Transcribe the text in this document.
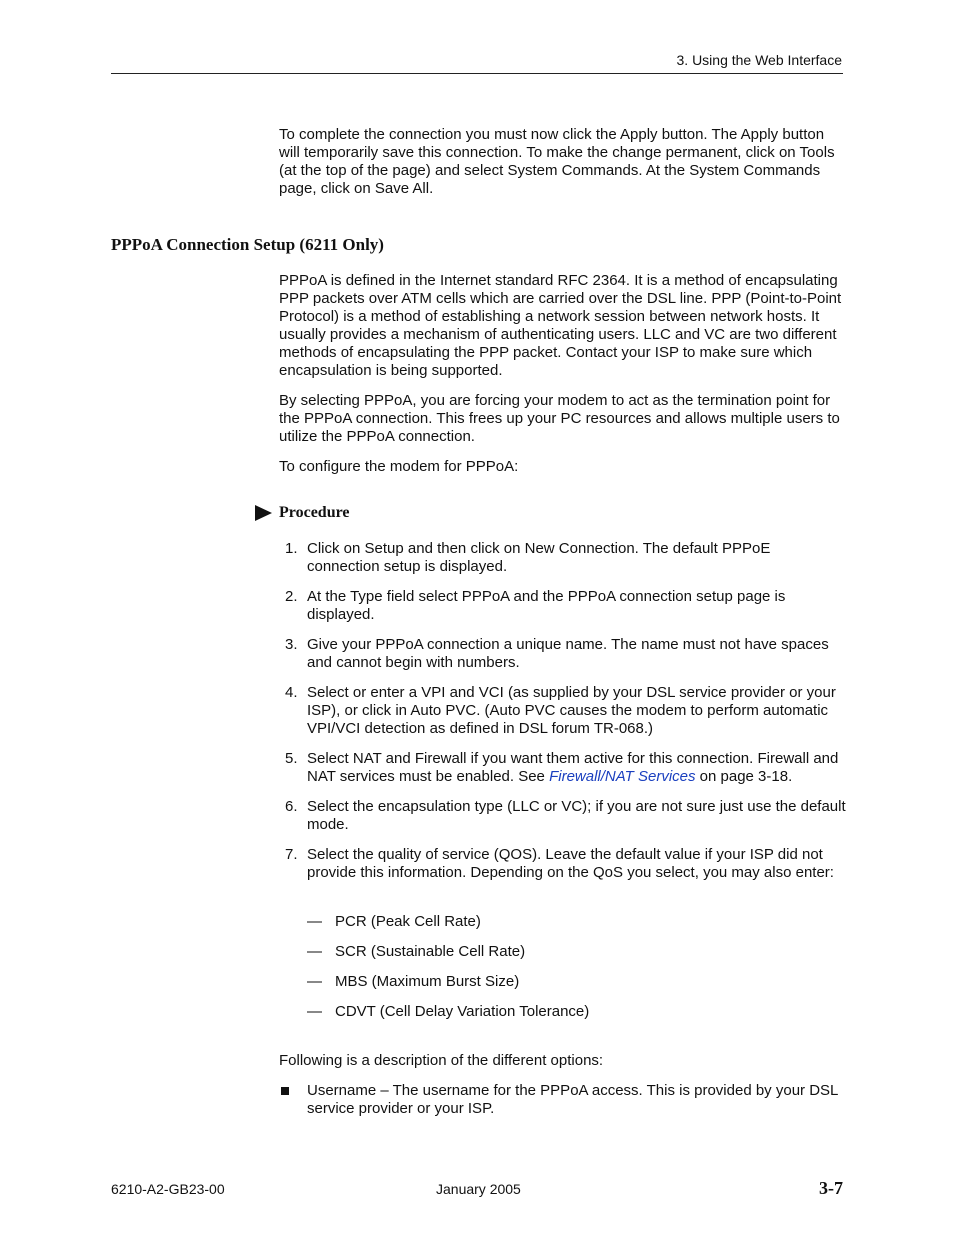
3. Using the Web Interface

To complete the connection you must now click the Apply button. The Apply button will temporarily save this connection. To make the change permanent, click on Tools (at the top of the page) and select System Commands. At the System Commands page, click on Save All.

PPPoA Connection Setup (6211 Only)

PPPoA is defined in the Internet standard RFC 2364. It is a method of encapsulating PPP packets over ATM cells which are carried over the DSL line. PPP (Point-to-Point Protocol) is a method of establishing a network session between network hosts. It usually provides a mechanism of authenticating users. LLC and VC are two different methods of encapsulating the PPP packet. Contact your ISP to make sure which encapsulation is being supported.

By selecting PPPoA, you are forcing your modem to act as the termination point for the PPPoA connection. This frees up your PC resources and allows multiple users to utilize the PPPoA connection.

To configure the modem for PPPoA:

Procedure
1. Click on Setup and then click on New Connection. The default PPPoE connection setup is displayed.
2. At the Type field select PPPoA and the PPPoA connection setup page is displayed.
3. Give your PPPoA connection a unique name. The name must not have spaces and cannot begin with numbers.
4. Select or enter a VPI and VCI (as supplied by your DSL service provider or your ISP), or click in Auto PVC. (Auto PVC causes the modem to perform automatic VPI/VCI detection as defined in DSL forum TR-068.)
5. Select NAT and Firewall if you want them active for this connection. Firewall and NAT services must be enabled. See Firewall/NAT Services on page 3-18.
6. Select the encapsulation type (LLC or VC); if you are not sure just use the default mode.
7. Select the quality of service (QOS). Leave the default value if your ISP did not provide this information. Depending on the QoS you select, you may also enter:
— PCR (Peak Cell Rate)
— SCR (Sustainable Cell Rate)
— MBS (Maximum Burst Size)
— CDVT (Cell Delay Variation Tolerance)

Following is a description of the different options:

Username – The username for the PPPoA access. This is provided by your DSL service provider or your ISP.
6210-A2-GB23-00	January 2005	3-7
